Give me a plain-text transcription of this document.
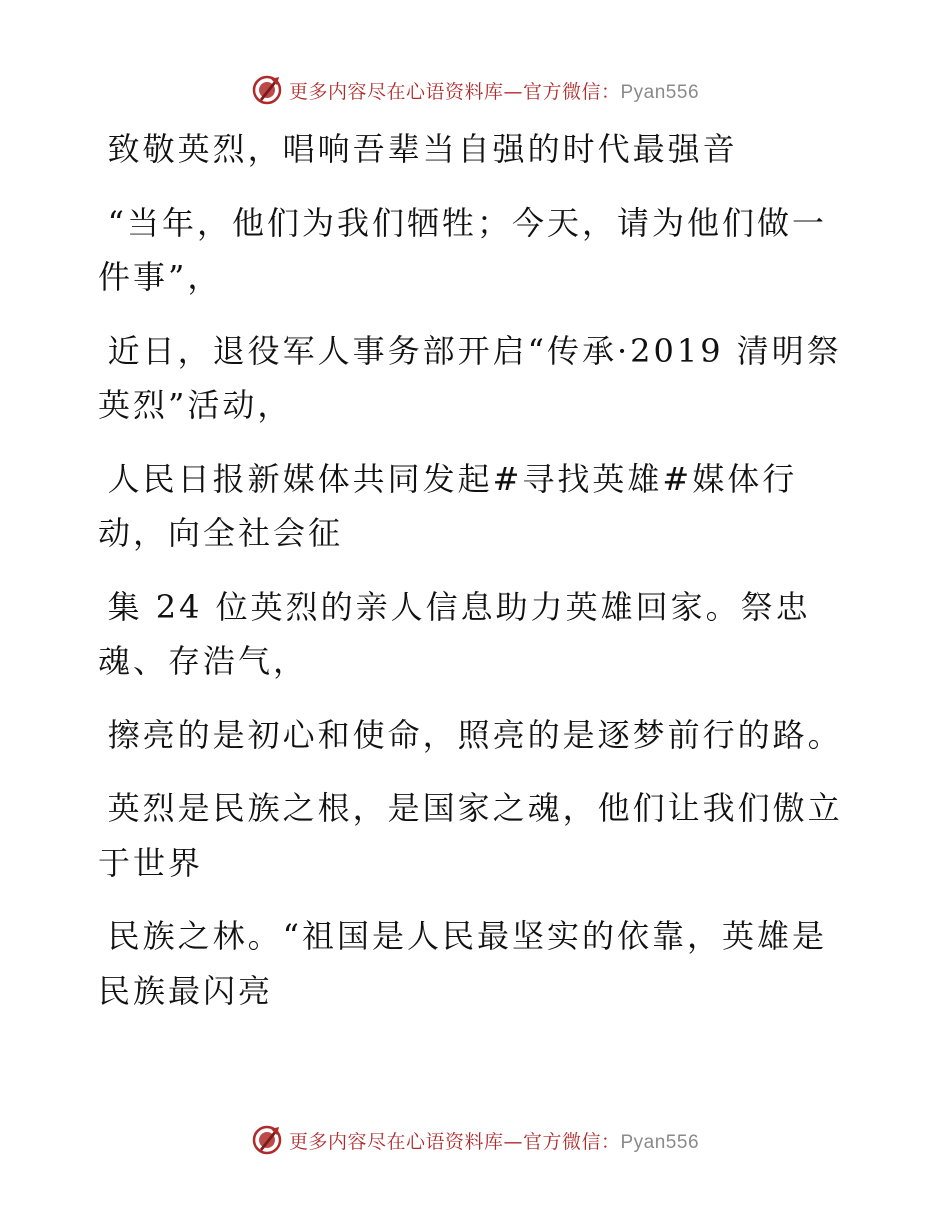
更多内容尽在心语资料库—官方微信：Pyan556

致敬英烈，唱响吾辈当自强的时代最强音

“当年，他们为我们牺牲；今天，请为他们做一件事”，

近日，退役军人事务部开启“传承·2019 清明祭英烈”活动，

人民日报新媒体共同发起#寻找英雄#媒体行动，向全社会征

集 24 位英烈的亲人信息助力英雄回家。祭忠魂、存浩气，

擦亮的是初心和使命，照亮的是逐梦前行的路。

英烈是民族之根，是国家之魂，他们让我们傲立于世界

民族之林。“祖国是人民最坚实的依靠，英雄是民族最闪亮

更多内容尽在心语资料库—官方微信：Pyan556
